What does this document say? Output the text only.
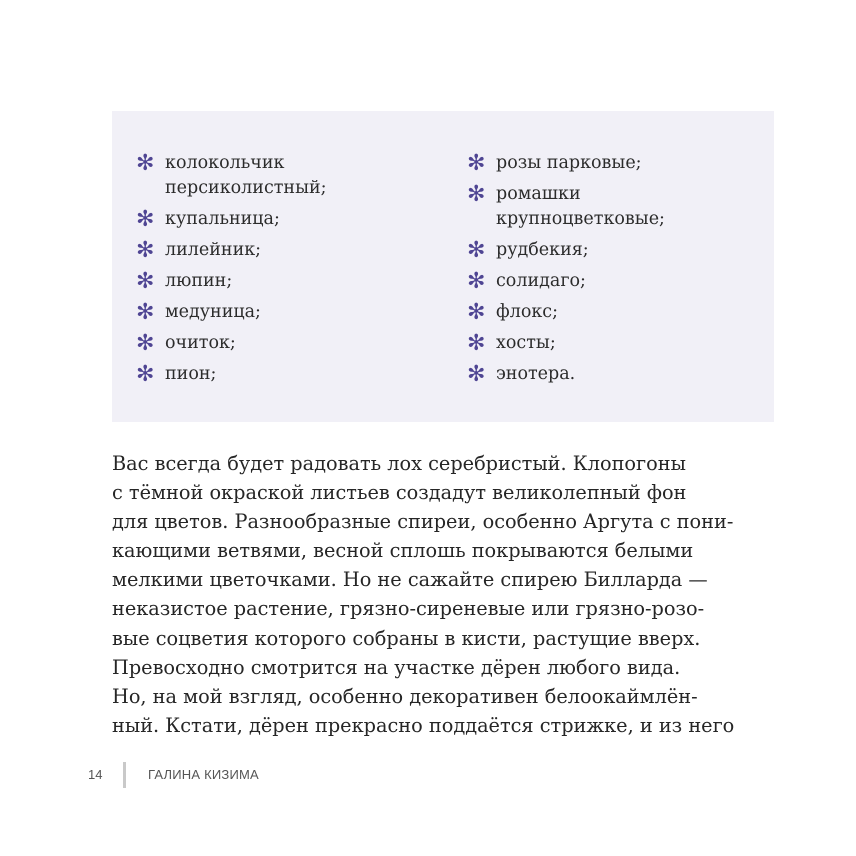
✻ колокольчик
персиколистный;
✻ купальница;
✻ лилейник;
✻ люпин;
✻ медуница;
✻ очиток;
✻ пион;
✻ розы парковые;
✻ ромашки
крупноцветковые;
✻ рудбекия;
✻ солидаго;
✻ флокс;
✻ хосты;
✻ энотера.
Вас всегда будет радовать лох серебристый. Клопогоны
с тёмной окраской листьев создадут великолепный фон
для цветов. Разнообразные спиреи, особенно Аргута с пони-
кающими ветвями, весной сплошь покрываются белыми
мелкими цветочками. Но не сажайте спирею Билларда —
неказистое растение, грязно-сиреневые или грязно-розо-
вые соцветия которого собраны в кисти, растущие вверх.
Превосходно смотрится на участке дёрен любого вида.
Но, на мой взгляд, особенно декоративен белоокаймлён-
ный. Кстати, дёрен прекрасно поддаётся стрижке, и из него
14	ГАЛИНА КИЗИМА
